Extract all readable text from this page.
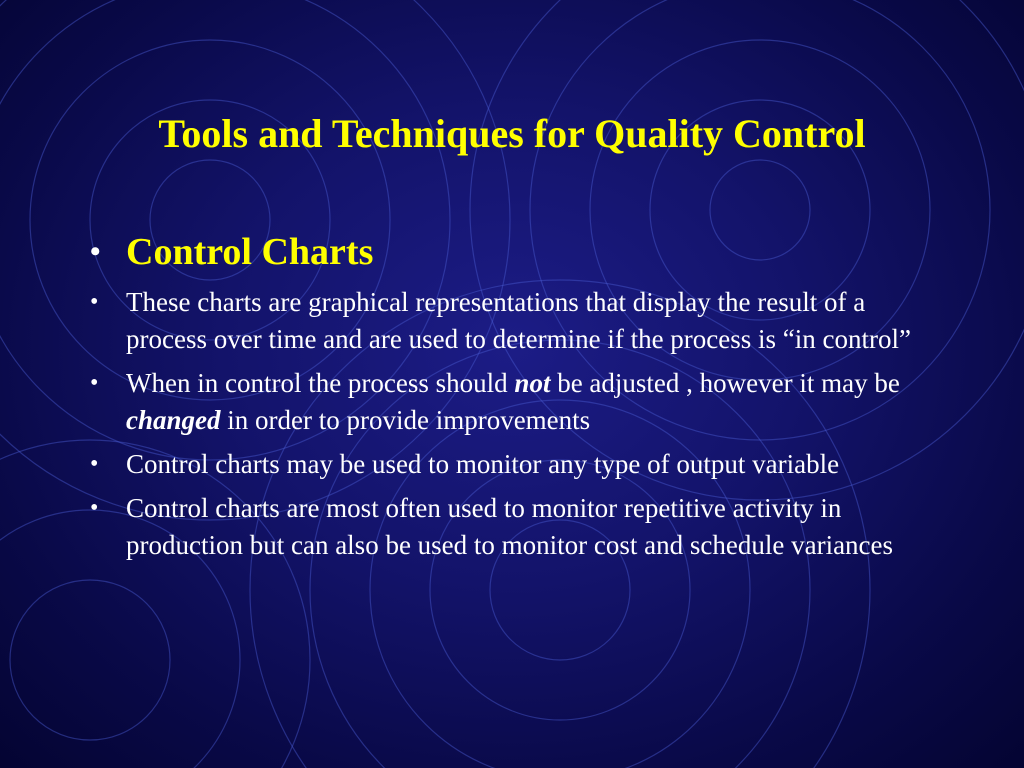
Tools and Techniques for Quality Control
• Control Charts
• These charts are graphical representations that display the result of a process over time and are used to determine if the process is “in control”
• When in control the process should not be adjusted , however it may be changed in order to provide improvements
• Control charts may be used to monitor any type of output variable
• Control charts are most often used to monitor repetitive activity in production but can also be used to monitor cost and schedule variances
